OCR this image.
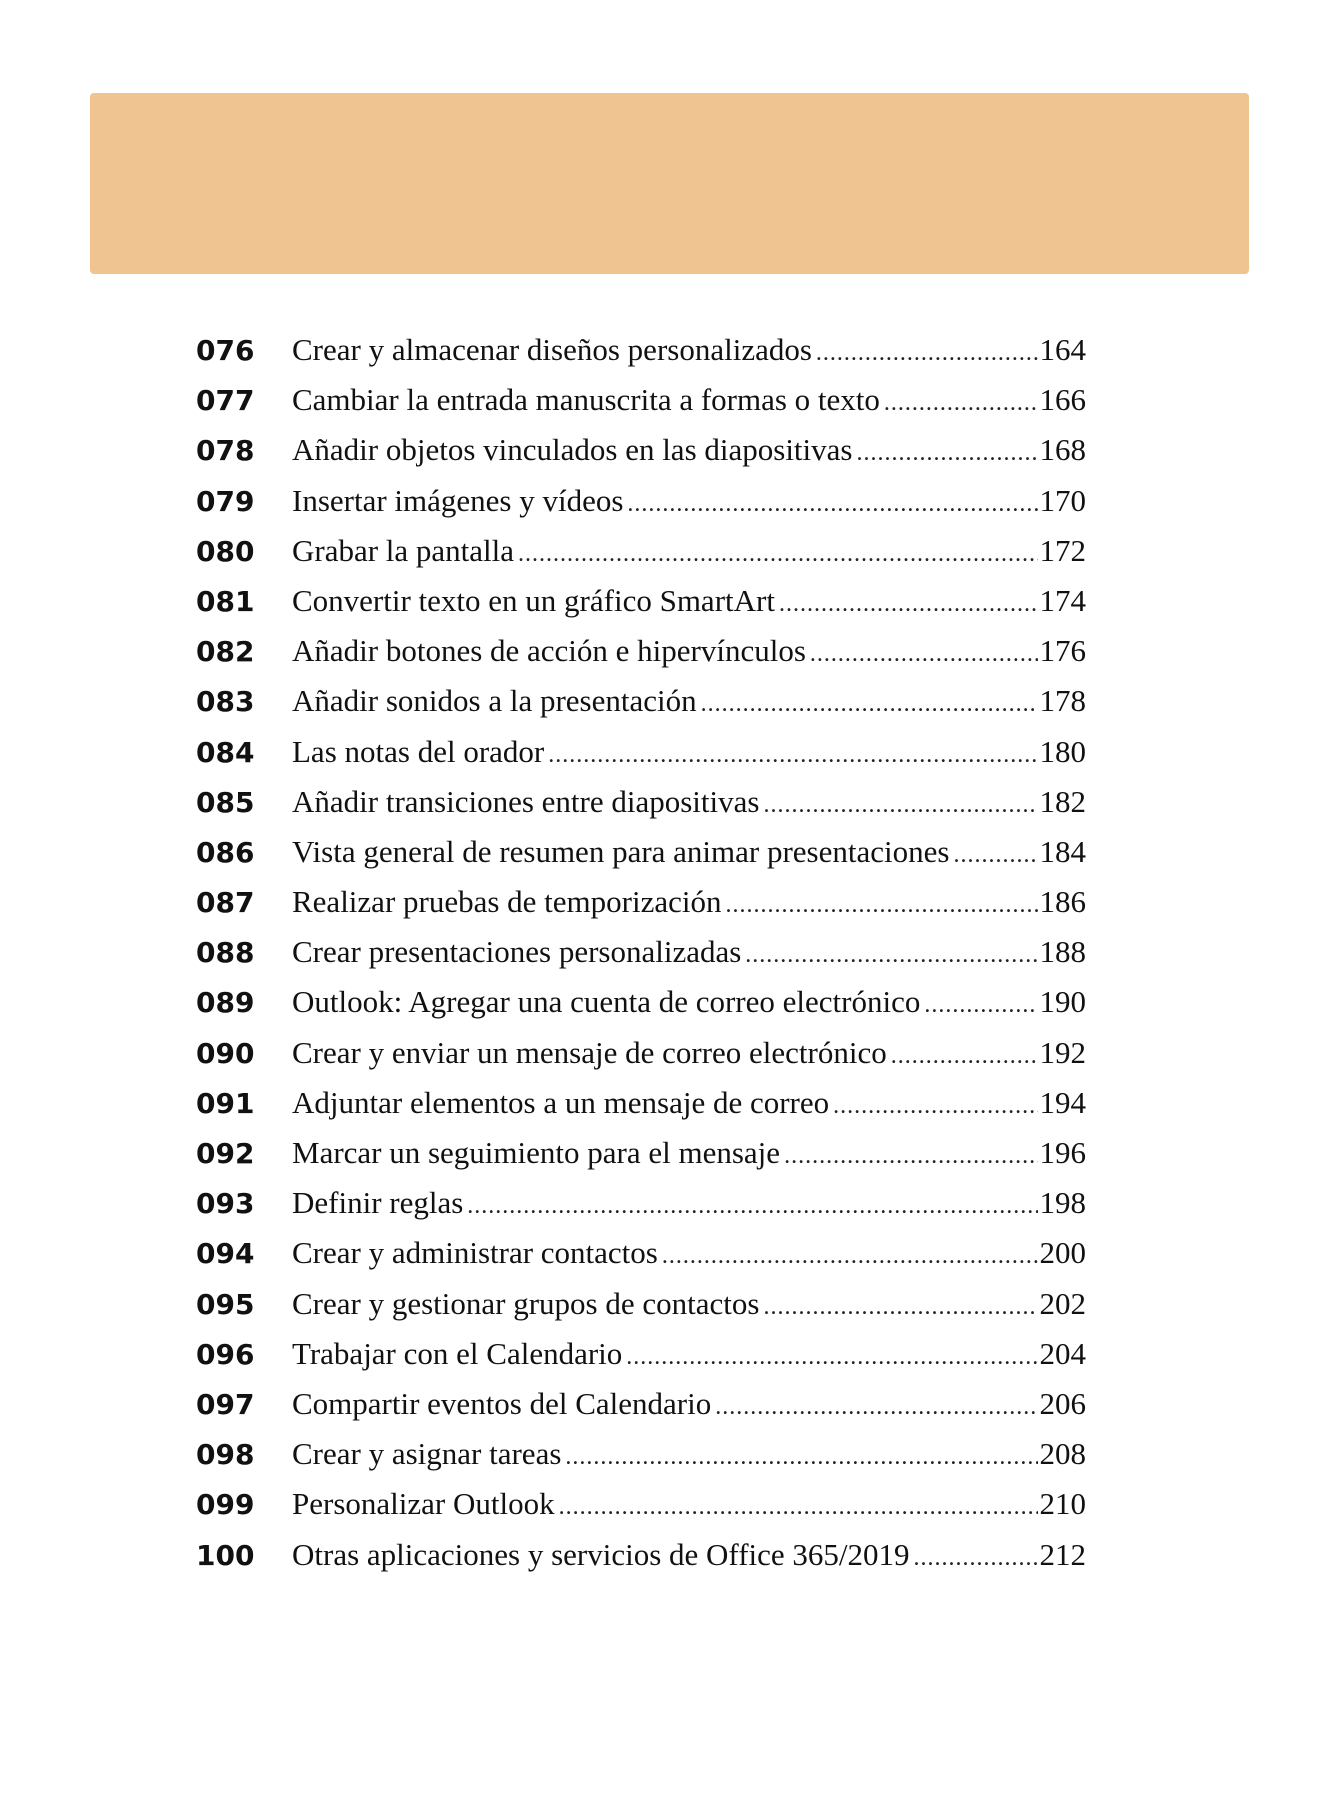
076	Crear y almacenar diseños personalizados .....	164
077	Cambiar la entrada manuscrita a formas o texto .....	166
078	Añadir objetos vinculados en las diapositivas .....	168
079	Insertar imágenes y vídeos .....	170
080	Grabar la pantalla .....	172
081	Convertir texto en un gráfico SmartArt .....	174
082	Añadir botones de acción e hipervínculos .....	176
083	Añadir sonidos a la presentación .....	178
084	Las notas del orador .....	180
085	Añadir transiciones entre diapositivas .....	182
086	Vista general de resumen para animar presentaciones .....	184
087	Realizar pruebas de temporización .....	186
088	Crear presentaciones personalizadas .....	188
089	Outlook: Agregar una cuenta de correo electrónico .....	190
090	Crear y enviar un mensaje de correo electrónico .....	192
091	Adjuntar elementos a un mensaje de correo .....	194
092	Marcar un seguimiento para el mensaje .....	196
093	Definir reglas .....	198
094	Crear y administrar contactos .....	200
095	Crear y gestionar grupos de contactos .....	202
096	Trabajar con el Calendario .....	204
097	Compartir eventos del Calendario .....	206
098	Crear y asignar tareas .....	208
099	Personalizar Outlook .....	210
100	Otras aplicaciones y servicios de Office 365/2019 .....	212
